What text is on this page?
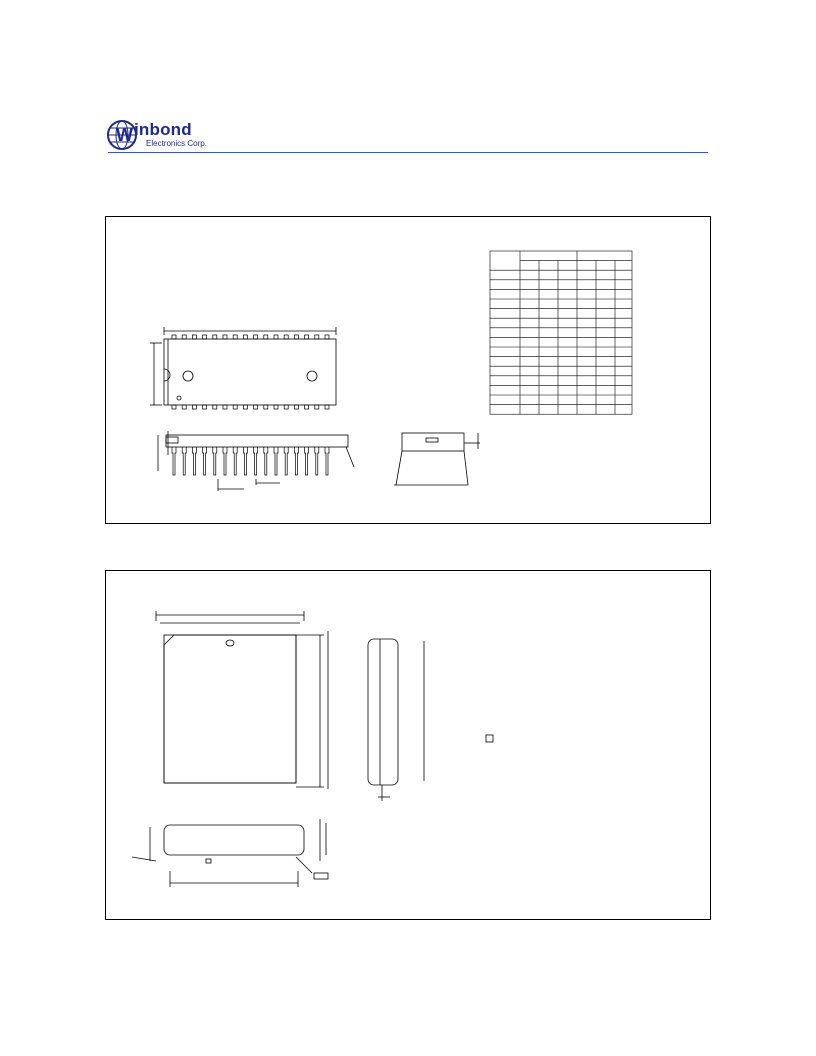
W inbond
Electronics Corp.
